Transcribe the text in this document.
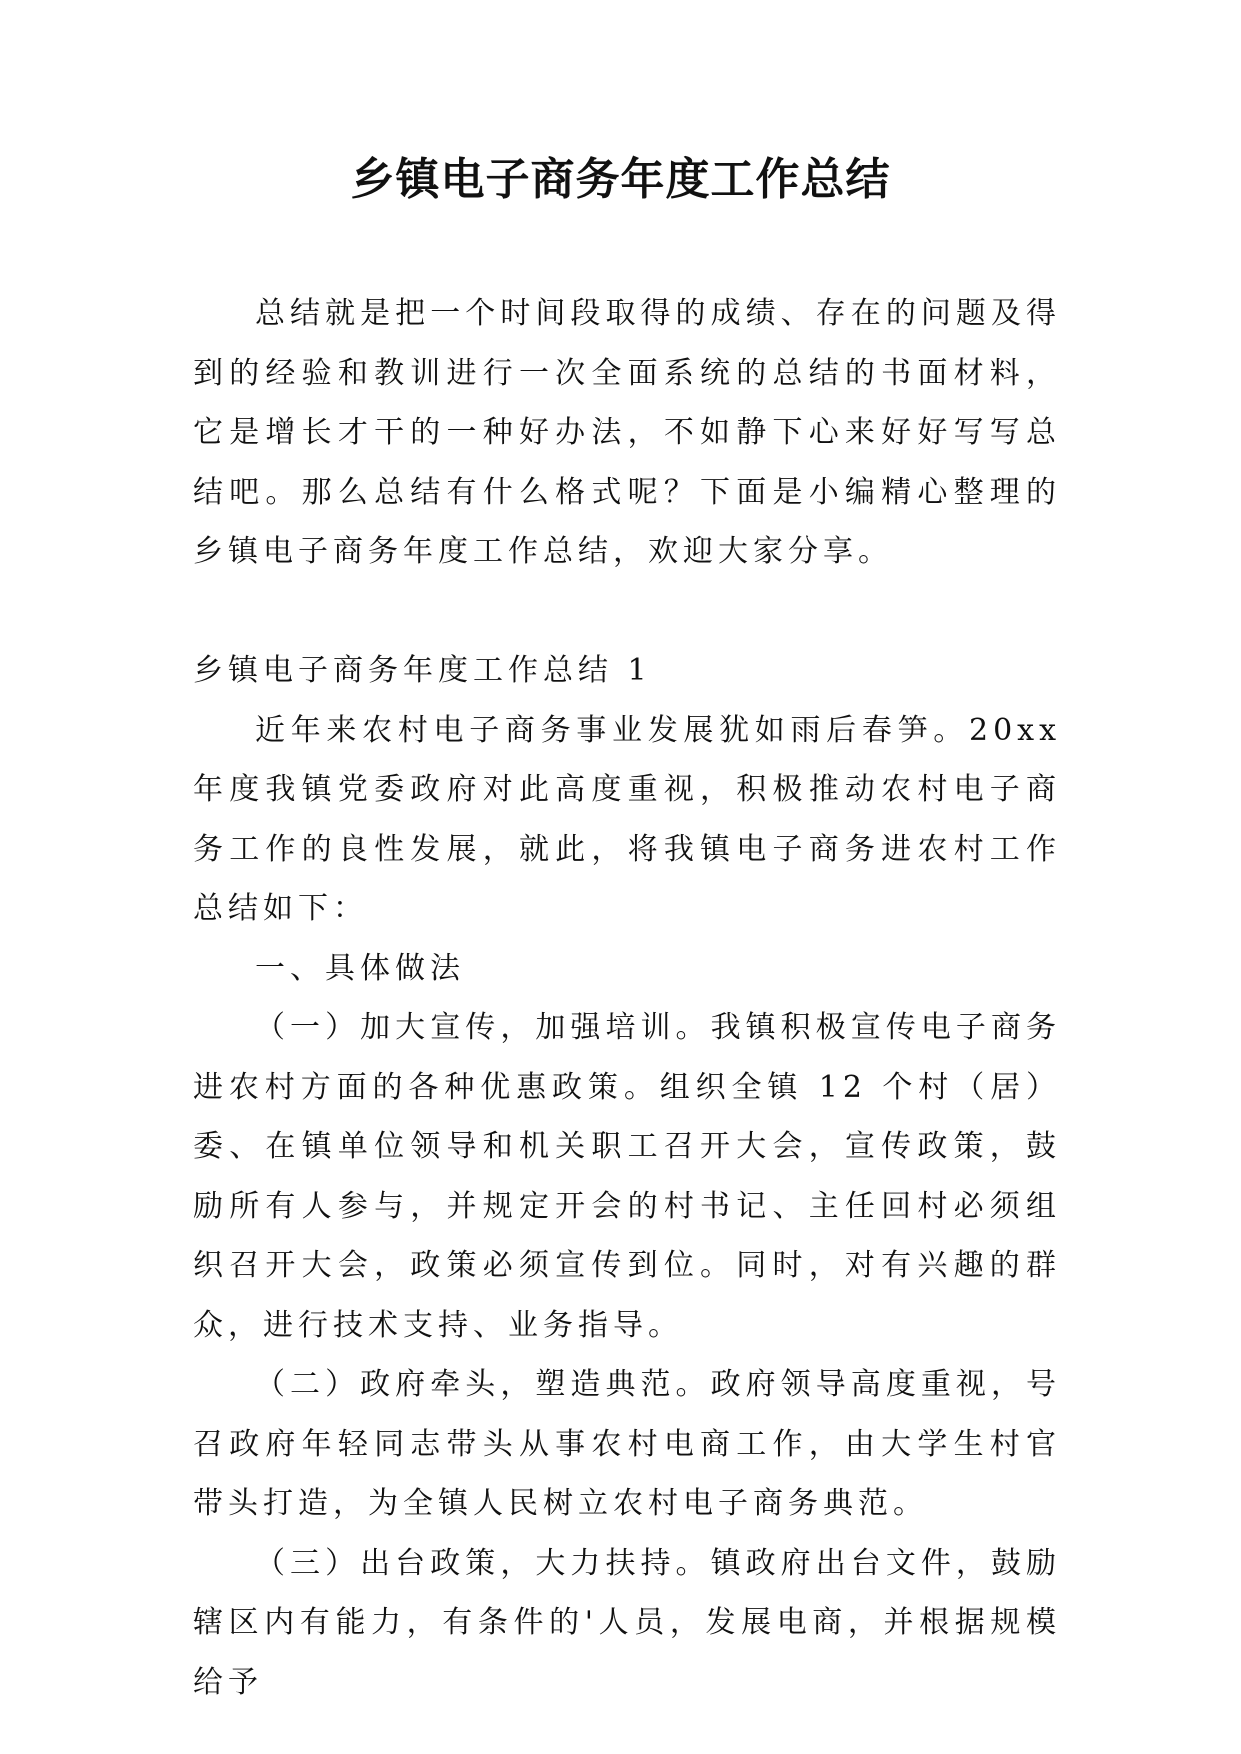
乡镇电子商务年度工作总结

总结就是把一个时间段取得的成绩、存在的问题及得到的经验和教训进行一次全面系统的总结的书面材料，它是增长才干的一种好办法，不如静下心来好好写写总结吧。那么总结有什么格式呢？下面是小编精心整理的乡镇电子商务年度工作总结，欢迎大家分享。

乡镇电子商务年度工作总结 1

近年来农村电子商务事业发展犹如雨后春笋。20xx 年度我镇党委政府对此高度重视，积极推动农村电子商务工作的良性发展，就此，将我镇电子商务进农村工作总结如下：

一、具体做法

（一）加大宣传，加强培训。我镇积极宣传电子商务进农村方面的各种优惠政策。组织全镇 12 个村（居）委、在镇单位领导和机关职工召开大会，宣传政策，鼓励所有人参与，并规定开会的村书记、主任回村必须组织召开大会，政策必须宣传到位。同时，对有兴趣的群众，进行技术支持、业务指导。

（二）政府牵头，塑造典范。政府领导高度重视，号召政府年轻同志带头从事农村电商工作，由大学生村官带头打造，为全镇人民树立农村电子商务典范。

（三）出台政策，大力扶持。镇政府出台文件，鼓励辖区内有能力，有条件的'人员，发展电商，并根据规模给予
